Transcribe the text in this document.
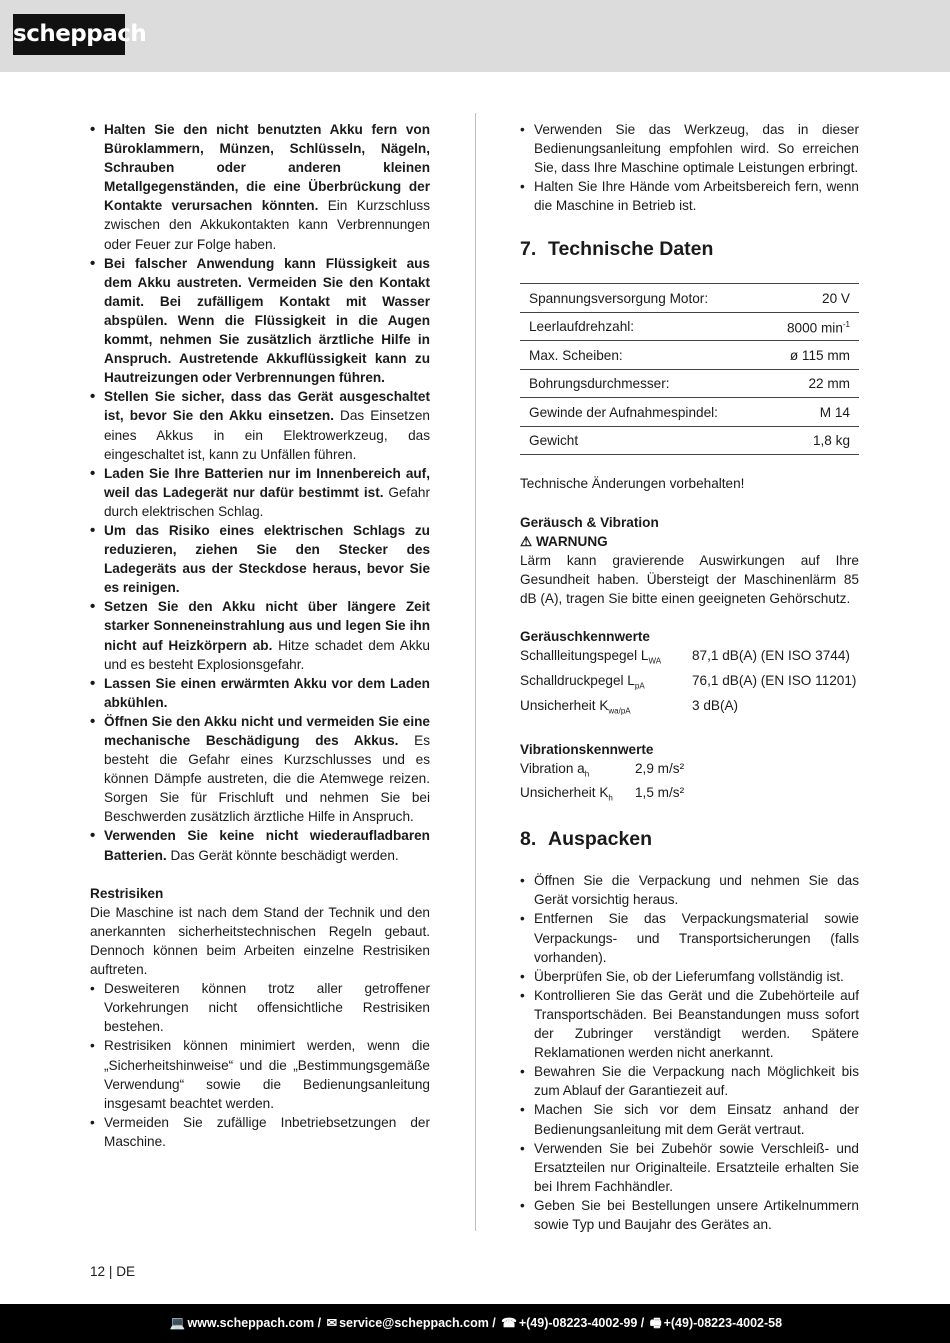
scheppach
• Halten Sie den nicht benutzten Akku fern von Büroklammern, Münzen, Schlüsseln, Nägeln, Schrauben oder anderen kleinen Metallgegenständen, die eine Überbrückung der Kontakte verursachen könnten. Ein Kurzschluss zwischen den Akkukontakten kann Verbrennungen oder Feuer zur Folge haben.
• Bei falscher Anwendung kann Flüssigkeit aus dem Akku austreten. Vermeiden Sie den Kontakt damit. Bei zufälligem Kontakt mit Wasser abspülen. Wenn die Flüssigkeit in die Augen kommt, nehmen Sie zusätzlich ärztliche Hilfe in Anspruch. Austretende Akkuflüssigkeit kann zu Hautreizungen oder Verbrennungen führen.
• Stellen Sie sicher, dass das Gerät ausgeschaltet ist, bevor Sie den Akku einsetzen. Das Einsetzen eines Akkus in ein Elektrowerkzeug, das eingeschaltet ist, kann zu Unfällen führen.
• Laden Sie Ihre Batterien nur im Innenbereich auf, weil das Ladegerät nur dafür bestimmt ist. Gefahr durch elektrischen Schlag.
• Um das Risiko eines elektrischen Schlags zu reduzieren, ziehen Sie den Stecker des Ladegeräts aus der Steckdose heraus, bevor Sie es reinigen.
• Setzen Sie den Akku nicht über längere Zeit starker Sonneneinstrahlung aus und legen Sie ihn nicht auf Heizkörpern ab. Hitze schadet dem Akku und es besteht Explosionsgefahr.
• Lassen Sie einen erwärmten Akku vor dem Laden abkühlen.
• Öffnen Sie den Akku nicht und vermeiden Sie eine mechanische Beschädigung des Akkus. Es besteht die Gefahr eines Kurzschlusses und es können Dämpfe austreten, die die Atemwege reizen. Sorgen Sie für Frischluft und nehmen Sie bei Beschwerden zusätzlich ärztliche Hilfe in Anspruch.
• Verwenden Sie keine nicht wiederaufladbaren Batterien. Das Gerät könnte beschädigt werden.
Restrisiken

Die Maschine ist nach dem Stand der Technik und den anerkannten sicherheitstechnischen Regeln gebaut. Dennoch können beim Arbeiten einzelne Restrisiken auftreten.

• Desweiteren können trotz aller getroffener Vorkehrungen nicht offensichtliche Restrisiken bestehen.
• Restrisiken können minimiert werden, wenn die „Sicherheitshinweise“ und die „Bestimmungsgemäße Verwendung“ sowie die Bedienungsanleitung insgesamt beachtet werden.
• Vermeiden Sie zufällige Inbetriebsetzungen der Maschine.
• Verwenden Sie das Werkzeug, das in dieser Bedienungsanleitung empfohlen wird. So erreichen Sie, dass Ihre Maschine optimale Leistungen erbringt.
• Halten Sie Ihre Hände vom Arbeitsbereich fern, wenn die Maschine in Betrieb ist.
7. Technische Daten
Spannungsversorgung Motor:	20 V
Leerlaufdrehzahl:	8000 $\min^{-1}$
Max. Scheiben:	ø 115 mm
Bohrungsdurchmesser:	22 mm
Gewinde der Aufnahmespindel:	M 14
Gewicht	1,8 kg

Technische Änderungen vorbehalten!

Geräusch & Vibration
⚠ WARNUNG

Lärm kann gravierende Auswirkungen auf Ihre Gesundheit haben. Übersteigt der Maschinenlärm 85 dB (A), tragen Sie bitte einen geeigneten Gehörschutz.

Geräuschkennwerte
Schallleitungspegel $L_{WA}$	87,1 dB(A) (EN ISO 3744)
Schalldruckpegel $L_{pA}$	76,1 dB(A) (EN ISO 11201)
Unsicherheit $K_{wa/pA}$	3 dB(A)
Vibrationskennwerte
Vibration $a_h$	2,9 m/s²
Unsicherheit $K_h$	1,5 m/s²
8. Auspacken
• Öffnen Sie die Verpackung und nehmen Sie das Gerät vorsichtig heraus.
• Entfernen Sie das Verpackungsmaterial sowie Verpackungs- und Transportsicherungen (falls vorhanden).
• Überprüfen Sie, ob der Lieferumfang vollständig ist.
• Kontrollieren Sie das Gerät und die Zubehörteile auf Transportschäden. Bei Beanstandungen muss sofort der Zubringer verständigt werden. Spätere Reklamationen werden nicht anerkannt.
• Bewahren Sie die Verpackung nach Möglichkeit bis zum Ablauf der Garantiezeit auf.
• Machen Sie sich vor dem Einsatz anhand der Bedienungsanleitung mit dem Gerät vertraut.
• Verwenden Sie bei Zubehör sowie Verschleiß- und Ersatzteilen nur Originalteile. Ersatzteile erhalten Sie bei Ihrem Fachhändler.
• Geben Sie bei Bestellungen unsere Artikelnummern sowie Typ und Baujahr des Gerätes an.
12 | DE
💻 www.scheppach.com / ✉ service@scheppach.com / ☎ +(49)-08223-4002-99 / 🖷 +(49)-08223-4002-58
